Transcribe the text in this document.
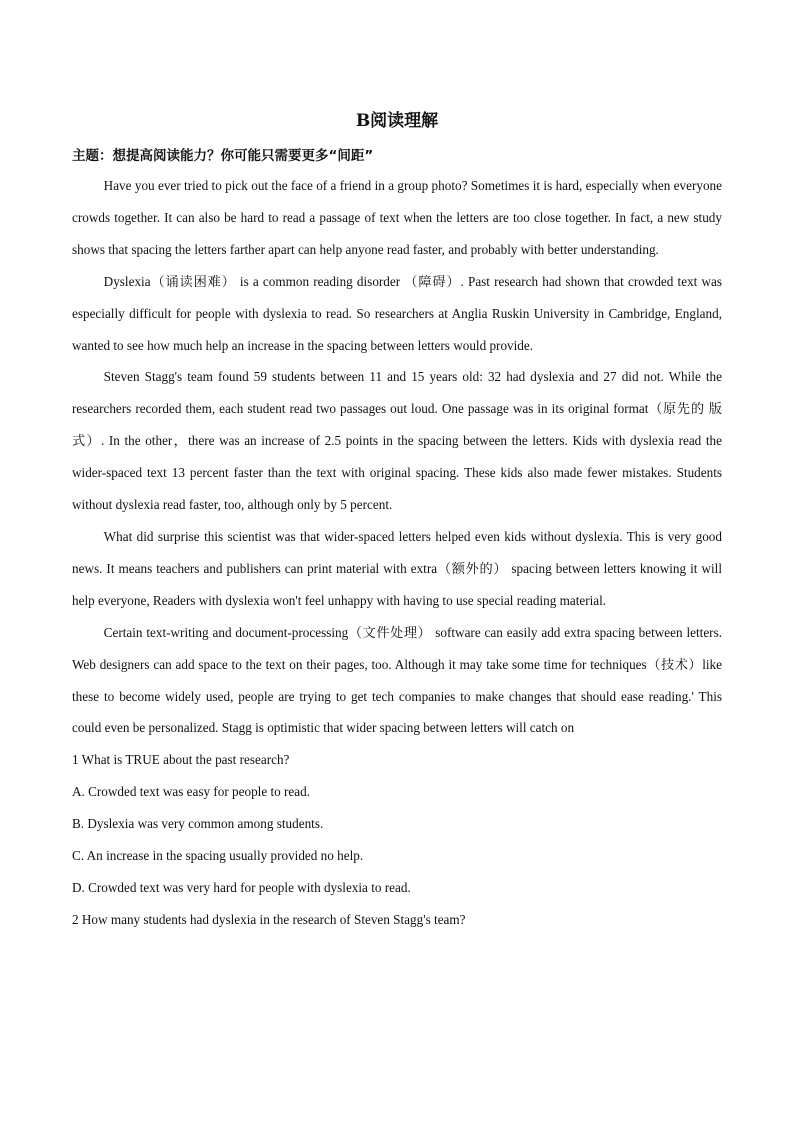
B阅读理解
主题：想提高阅读能力？你可能只需要更多“间距”

Have you ever tried to pick out the face of a friend in a group photo? Sometimes it is hard, especially when everyone crowds together. It can also be hard to read a passage of text when the letters are too close together. In fact, a new study shows that spacing the letters farther apart can help anyone read faster, and probably with better understanding.

Dyslexia（诵读困难） is a common reading disorder （障碍）. Past research had shown that crowded text was especially difficult for people with dyslexia to read. So researchers at Anglia Ruskin University in Cambridge, England, wanted to see how much help an increase in the spacing between letters would provide.

Steven Stagg's team found 59 students between 11 and 15 years old: 32 had dyslexia and 27 did not. While the researchers recorded them, each student read two passages out loud. One passage was in its original format（原先的 版式）. In the other，there was an increase of 2.5 points in the spacing between the letters. Kids with dyslexia read the wider-spaced text 13 percent faster than the text with original spacing. These kids also made fewer mistakes. Students without dyslexia read faster, too, although only by 5 percent.

What did surprise this scientist was that wider-spaced letters helped even kids without dyslexia. This is very good news. It means teachers and publishers can print material with extra（额外的） spacing between letters knowing it will help everyone, Readers with dyslexia won't feel unhappy with having to use special reading material.

Certain text-writing and document-processing（文件处理） software can easily add extra spacing between letters. Web designers can add space to the text on their pages, too. Although it may take some time for techniques（技术）like these to become widely used, people are trying to get tech companies to make changes that should ease reading.' This could even be personalized. Stagg is optimistic that wider spacing between letters will catch on

1 What is TRUE about the past research?

A. Crowded text was easy for people to read.

B. Dyslexia was very common among students.

C. An increase in the spacing usually provided no help.

D. Crowded text was very hard for people with dyslexia to read.

2 How many students had dyslexia in the research of Steven Stagg's team?
